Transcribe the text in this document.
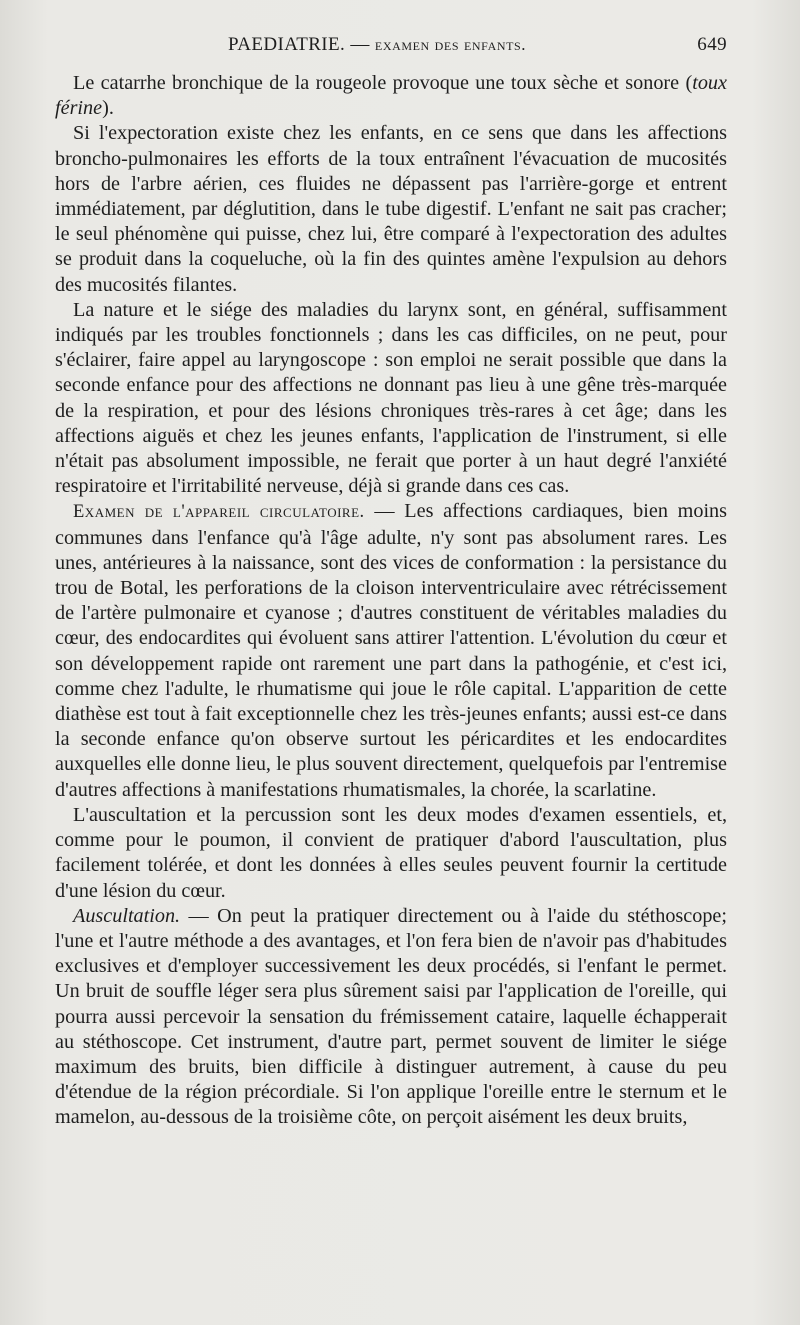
PAEDIATRIE. — examen des enfants.	649

Le catarrhe bronchique de la rougeole provoque une toux sèche et sonore (toux férine).

Si l'expectoration existe chez les enfants, en ce sens que dans les affections broncho-pulmonaires les efforts de la toux entraînent l'évacuation de mucosités hors de l'arbre aérien, ces fluides ne dépassent pas l'arrière-gorge et entrent immédiatement, par déglutition, dans le tube digestif. L'enfant ne sait pas cracher; le seul phénomène qui puisse, chez lui, être comparé à l'expectoration des adultes se produit dans la coqueluche, où la fin des quintes amène l'expulsion au dehors des mucosités filantes.

La nature et le siége des maladies du larynx sont, en général, suffisamment indiqués par les troubles fonctionnels ; dans les cas difficiles, on ne peut, pour s'éclairer, faire appel au laryngoscope : son emploi ne serait possible que dans la seconde enfance pour des affections ne donnant pas lieu à une gêne très-marquée de la respiration, et pour des lésions chroniques très-rares à cet âge; dans les affections aiguës et chez les jeunes enfants, l'application de l'instrument, si elle n'était pas absolument impossible, ne ferait que porter à un haut degré l'anxiété respiratoire et l'irritabilité nerveuse, déjà si grande dans ces cas.

Examen de l'appareil circulatoire. — Les affections cardiaques, bien moins communes dans l'enfance qu'à l'âge adulte, n'y sont pas absolument rares. Les unes, antérieures à la naissance, sont des vices de conformation : la persistance du trou de Botal, les perforations de la cloison interventriculaire avec rétrécissement de l'artère pulmonaire et cyanose ; d'autres constituent de véritables maladies du cœur, des endocardites qui évoluent sans attirer l'attention. L'évolution du cœur et son développement rapide ont rarement une part dans la pathogénie, et c'est ici, comme chez l'adulte, le rhumatisme qui joue le rôle capital. L'apparition de cette diathèse est tout à fait exceptionnelle chez les très-jeunes enfants; aussi est-ce dans la seconde enfance qu'on observe surtout les péricardites et les endocardites auxquelles elle donne lieu, le plus souvent directement, quelquefois par l'entremise d'autres affections à manifestations rhumatismales, la chorée, la scarlatine.

L'auscultation et la percussion sont les deux modes d'examen essentiels, et, comme pour le poumon, il convient de pratiquer d'abord l'auscultation, plus facilement tolérée, et dont les données à elles seules peuvent fournir la certitude d'une lésion du cœur.

Auscultation. — On peut la pratiquer directement ou à l'aide du stéthoscope; l'une et l'autre méthode a des avantages, et l'on fera bien de n'avoir pas d'habitudes exclusives et d'employer successivement les deux procédés, si l'enfant le permet. Un bruit de souffle léger sera plus sûrement saisi par l'application de l'oreille, qui pourra aussi percevoir la sensation du frémissement cataire, laquelle échapperait au stéthoscope. Cet instrument, d'autre part, permet souvent de limiter le siége maximum des bruits, bien difficile à distinguer autrement, à cause du peu d'étendue de la région précordiale. Si l'on applique l'oreille entre le sternum et le mamelon, au-dessous de la troisième côte, on perçoit aisément les deux bruits,
